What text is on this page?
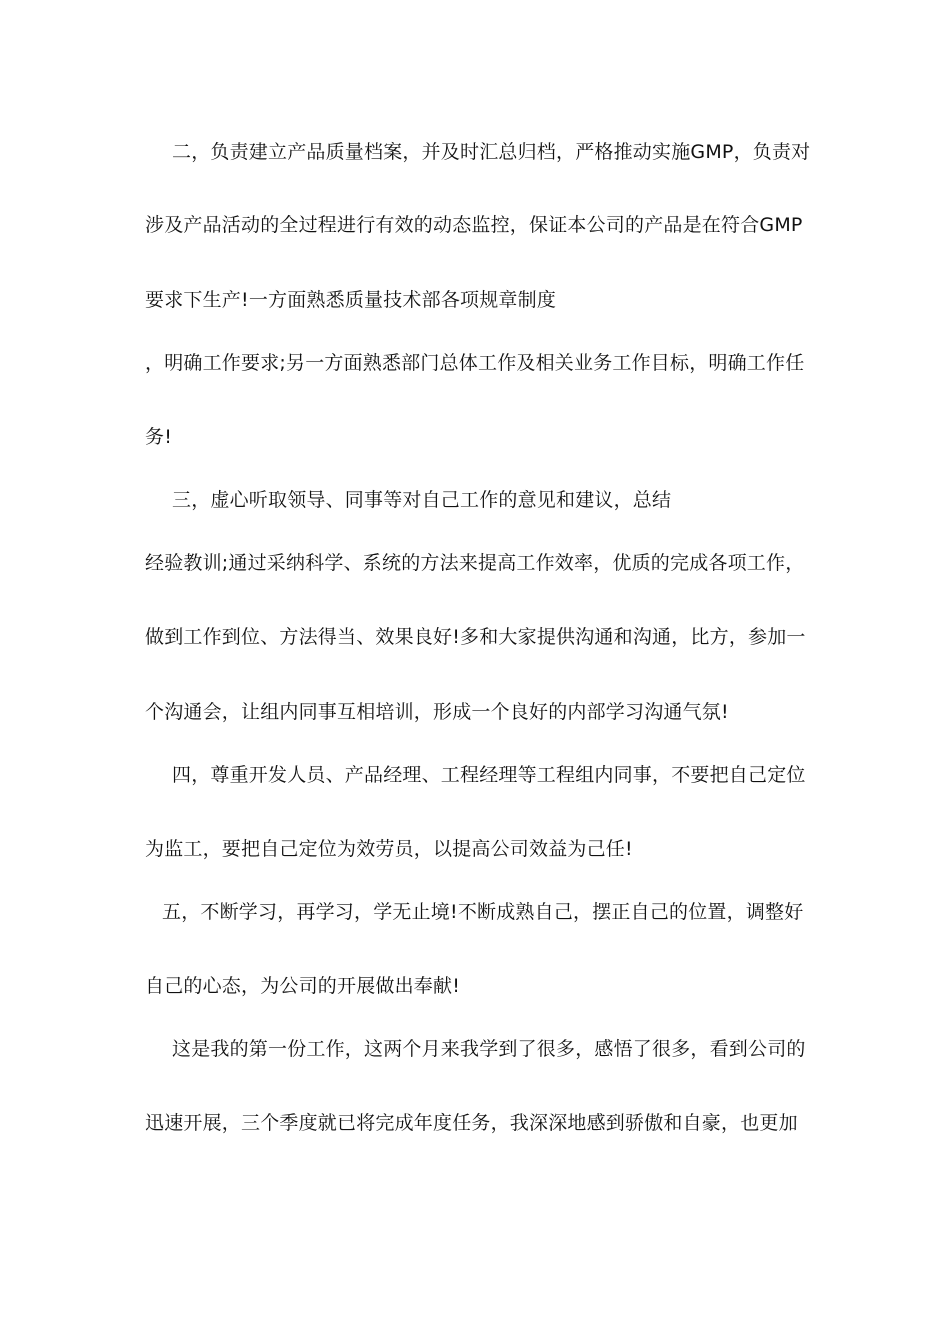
二，负责建立产品质量档案，并及时汇总归档，严格推动实施GMP，负责对

涉及产品活动的全过程进行有效的动态监控，保证本公司的产品是在符合GMP

要求下生产!一方面熟悉质量技术部各项规章制度

，明确工作要求;另一方面熟悉部门总体工作及相关业务工作目标，明确工作任

务!

三，虚心听取领导、同事等对自己工作的意见和建议，总结

经验教训;通过采纳科学、系统的方法来提高工作效率，优质的完成各项工作，

做到工作到位、方法得当、效果良好!多和大家提供沟通和沟通，比方，参加一

个沟通会，让组内同事互相培训，形成一个良好的内部学习沟通气氛!

四，尊重开发人员、产品经理、工程经理等工程组内同事，不要把自己定位

为监工，要把自己定位为效劳员，以提高公司效益为己任!

五，不断学习，再学习，学无止境!不断成熟自己，摆正自己的位置，调整好

自己的心态，为公司的开展做出奉献!

这是我的第一份工作，这两个月来我学到了很多，感悟了很多，看到公司的

迅速开展，三个季度就已将完成年度任务，我深深地感到骄傲和自豪，也更加
